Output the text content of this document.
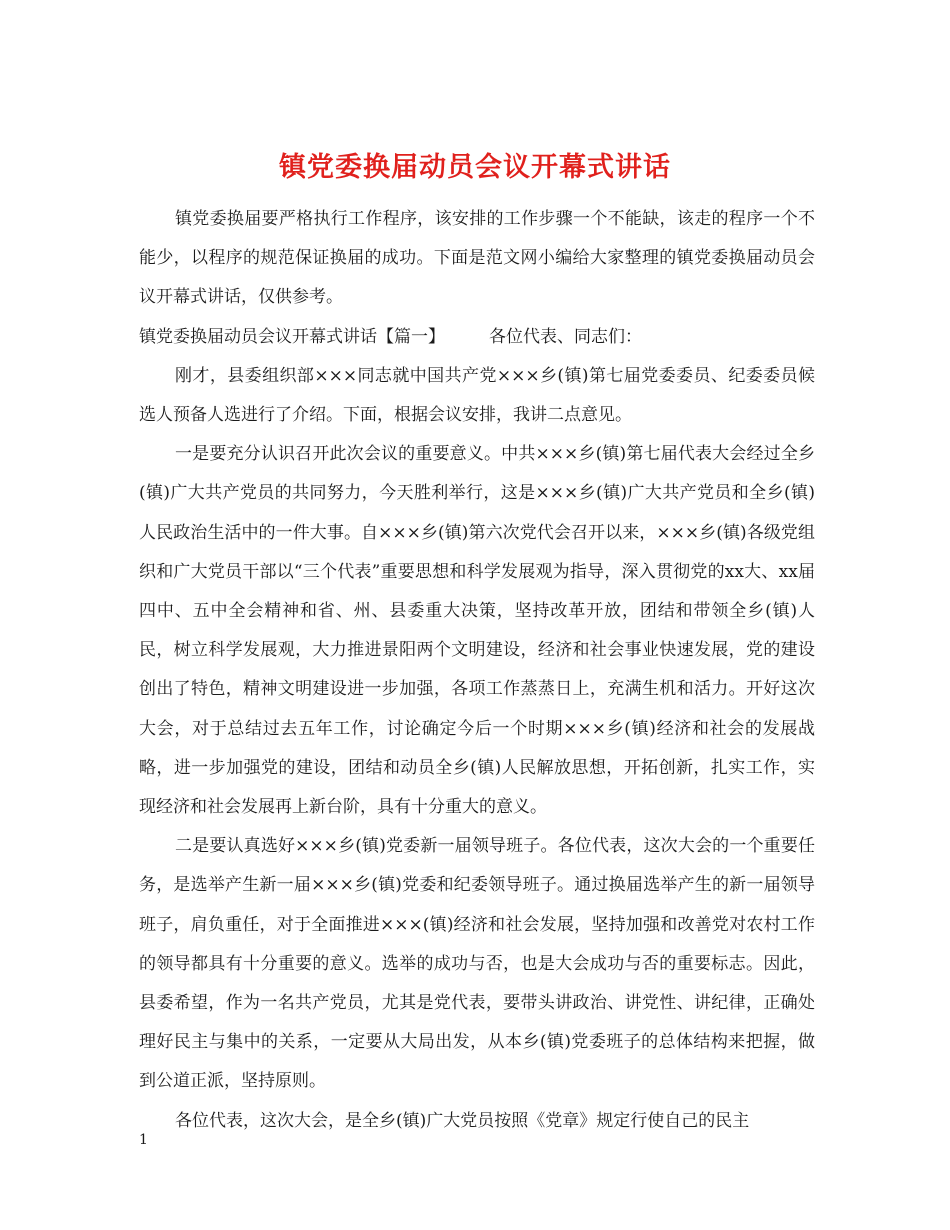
镇党委换届动员会议开幕式讲话

镇党委换届要严格执行工作程序，该安排的工作步骤一个不能缺，该走的程序一个不能少，以程序的规范保证换届的成功。下面是范文网小编给大家整理的镇党委换届动员会议开幕式讲话，仅供参考。

镇党委换届动员会议开幕式讲话【篇一】	各位代表、同志们：

刚才，县委组织部×××同志就中国共产党×××乡(镇)第七届党委委员、纪委委员候选人预备人选进行了介绍。下面，根据会议安排，我讲二点意见。

一是要充分认识召开此次会议的重要意义。中共×××乡(镇)第七届代表大会经过全乡(镇)广大共产党员的共同努力，今天胜利举行，这是×××乡(镇)广大共产党员和全乡(镇)人民政治生活中的一件大事。自×××乡(镇)第六次党代会召开以来，×××乡(镇)各级党组织和广大党员干部以“三个代表”重要思想和科学发展观为指导，深入贯彻党的xx大、xx届四中、五中全会精神和省、州、县委重大决策，坚持改革开放，团结和带领全乡(镇)人民，树立科学发展观，大力推进景阳两个文明建设，经济和社会事业快速发展，党的建设创出了特色，精神文明建设进一步加强，各项工作蒸蒸日上，充满生机和活力。开好这次大会，对于总结过去五年工作，讨论确定今后一个时期×××乡(镇)经济和社会的发展战略，进一步加强党的建设，团结和动员全乡(镇)人民解放思想，开拓创新，扎实工作，实现经济和社会发展再上新台阶，具有十分重大的意义。

二是要认真选好×××乡(镇)党委新一届领导班子。各位代表，这次大会的一个重要任务，是选举产生新一届×××乡(镇)党委和纪委领导班子。通过换届选举产生的新一届领导班子，肩负重任，对于全面推进×××(镇)经济和社会发展，坚持加强和改善党对农村工作的领导都具有十分重要的意义。选举的成功与否，也是大会成功与否的重要标志。因此，县委希望，作为一名共产党员，尤其是党代表，要带头讲政治、讲党性、讲纪律，正确处理好民主与集中的关系，一定要从大局出发，从本乡(镇)党委班子的总体结构来把握，做到公道正派，坚持原则。

各位代表，这次大会，是全乡(镇)广大党员按照《党章》规定行使自己的民主

1
